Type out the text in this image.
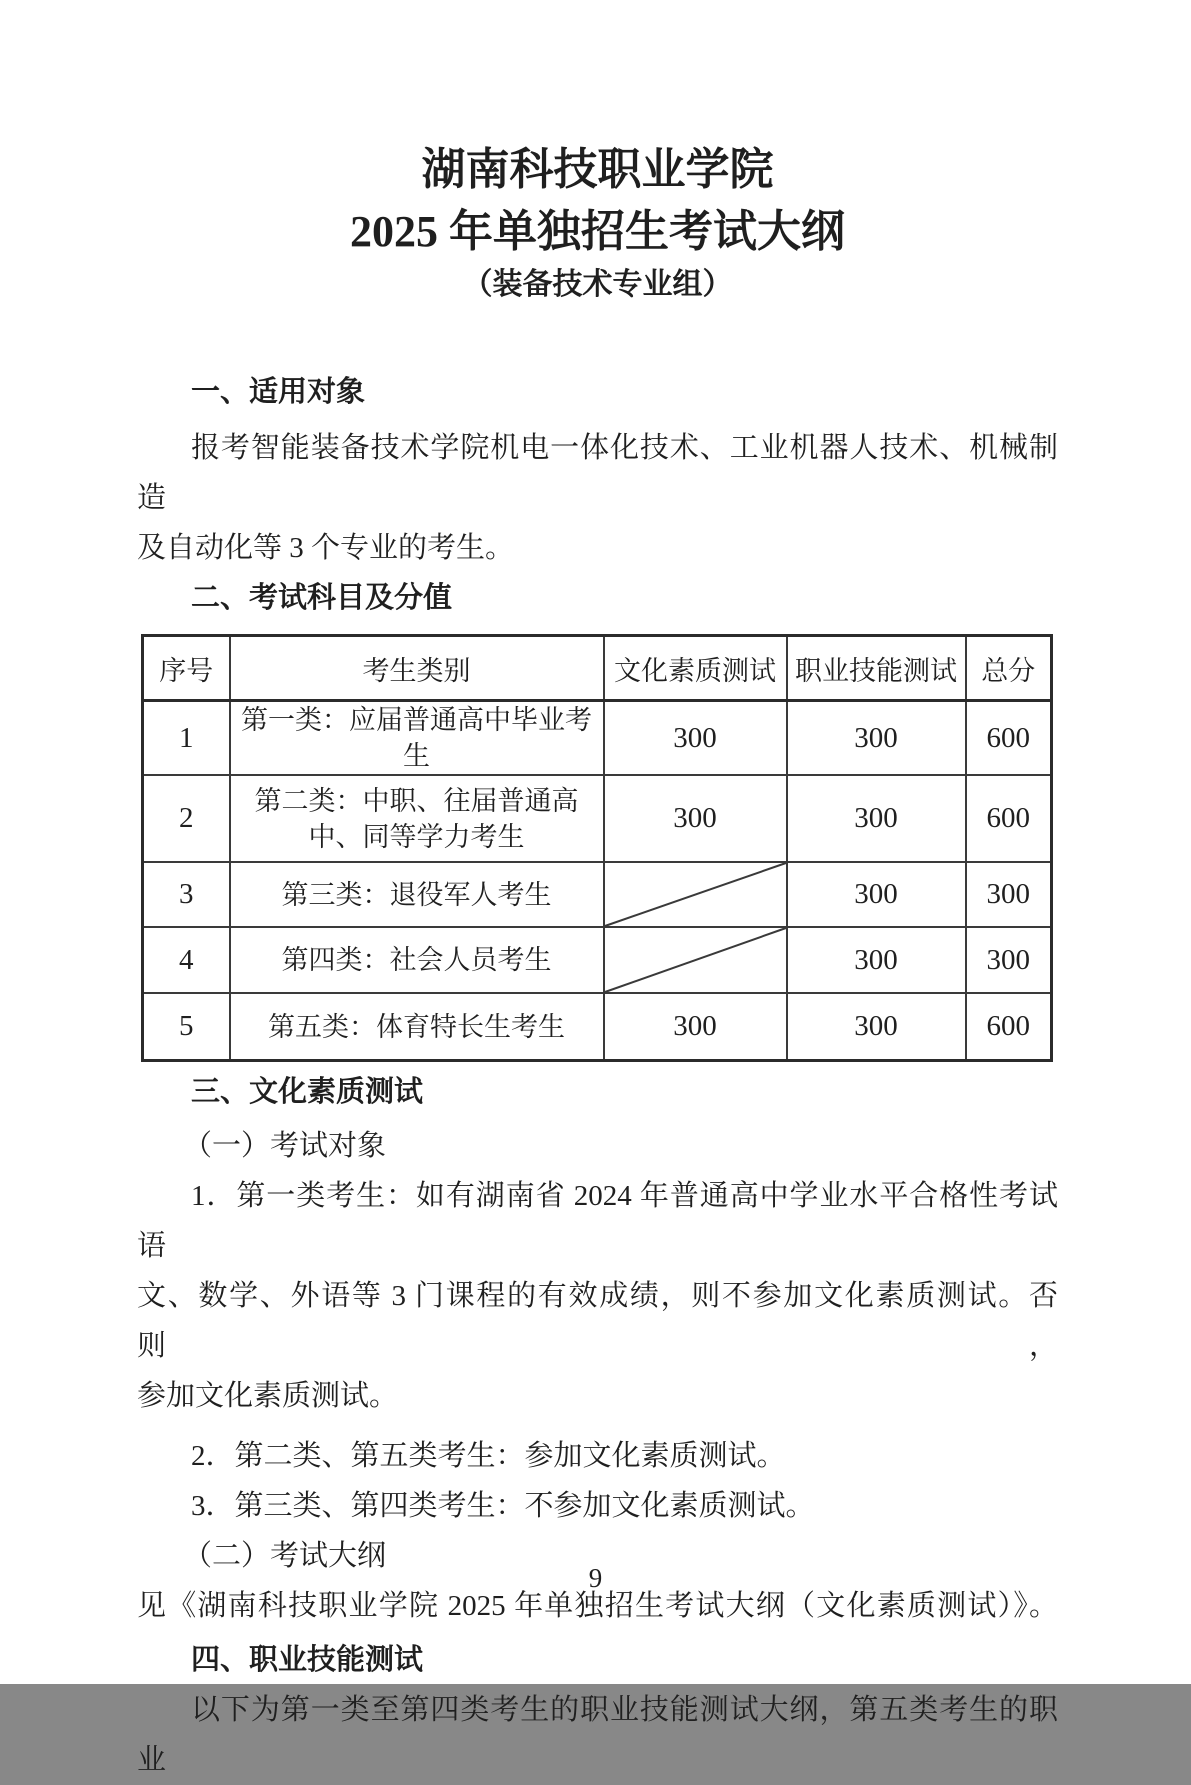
湖南科技职业学院
2025 年单独招生考试大纲
（装备技术专业组）

一、适用对象

报考智能装备技术学院机电一体化技术、工业机器人技术、机械制造

及自动化等 3 个专业的考生。

二、考试科目及分值

序号	考生类别	文化素质测试	职业技能测试	总分
1	第一类：应届普通高中毕业考生	300	300	600
2	第二类：中职、往届普通高中、同等学力考生	300	300	600
3	第三类：退役军人考生		300	300
4	第四类：社会人员考生		300	300
5	第五类：体育特长生考生	300	300	600

三、文化素质测试

（一）考试对象

1．第一类考生：如有湖南省 2024 年普通高中学业水平合格性考试语

文、数学、外语等 3 门课程的有效成绩，则不参加文化素质测试。否则，

参加文化素质测试。

2．第二类、第五类考生：参加文化素质测试。

3．第三类、第四类考生：不参加文化素质测试。

（二）考试大纲

见《湖南科技职业学院 2025 年单独招生考试大纲（文化素质测试）》。

四、职业技能测试

以下为第一类至第四类考生的职业技能测试大纲，第五类考生的职业

9
